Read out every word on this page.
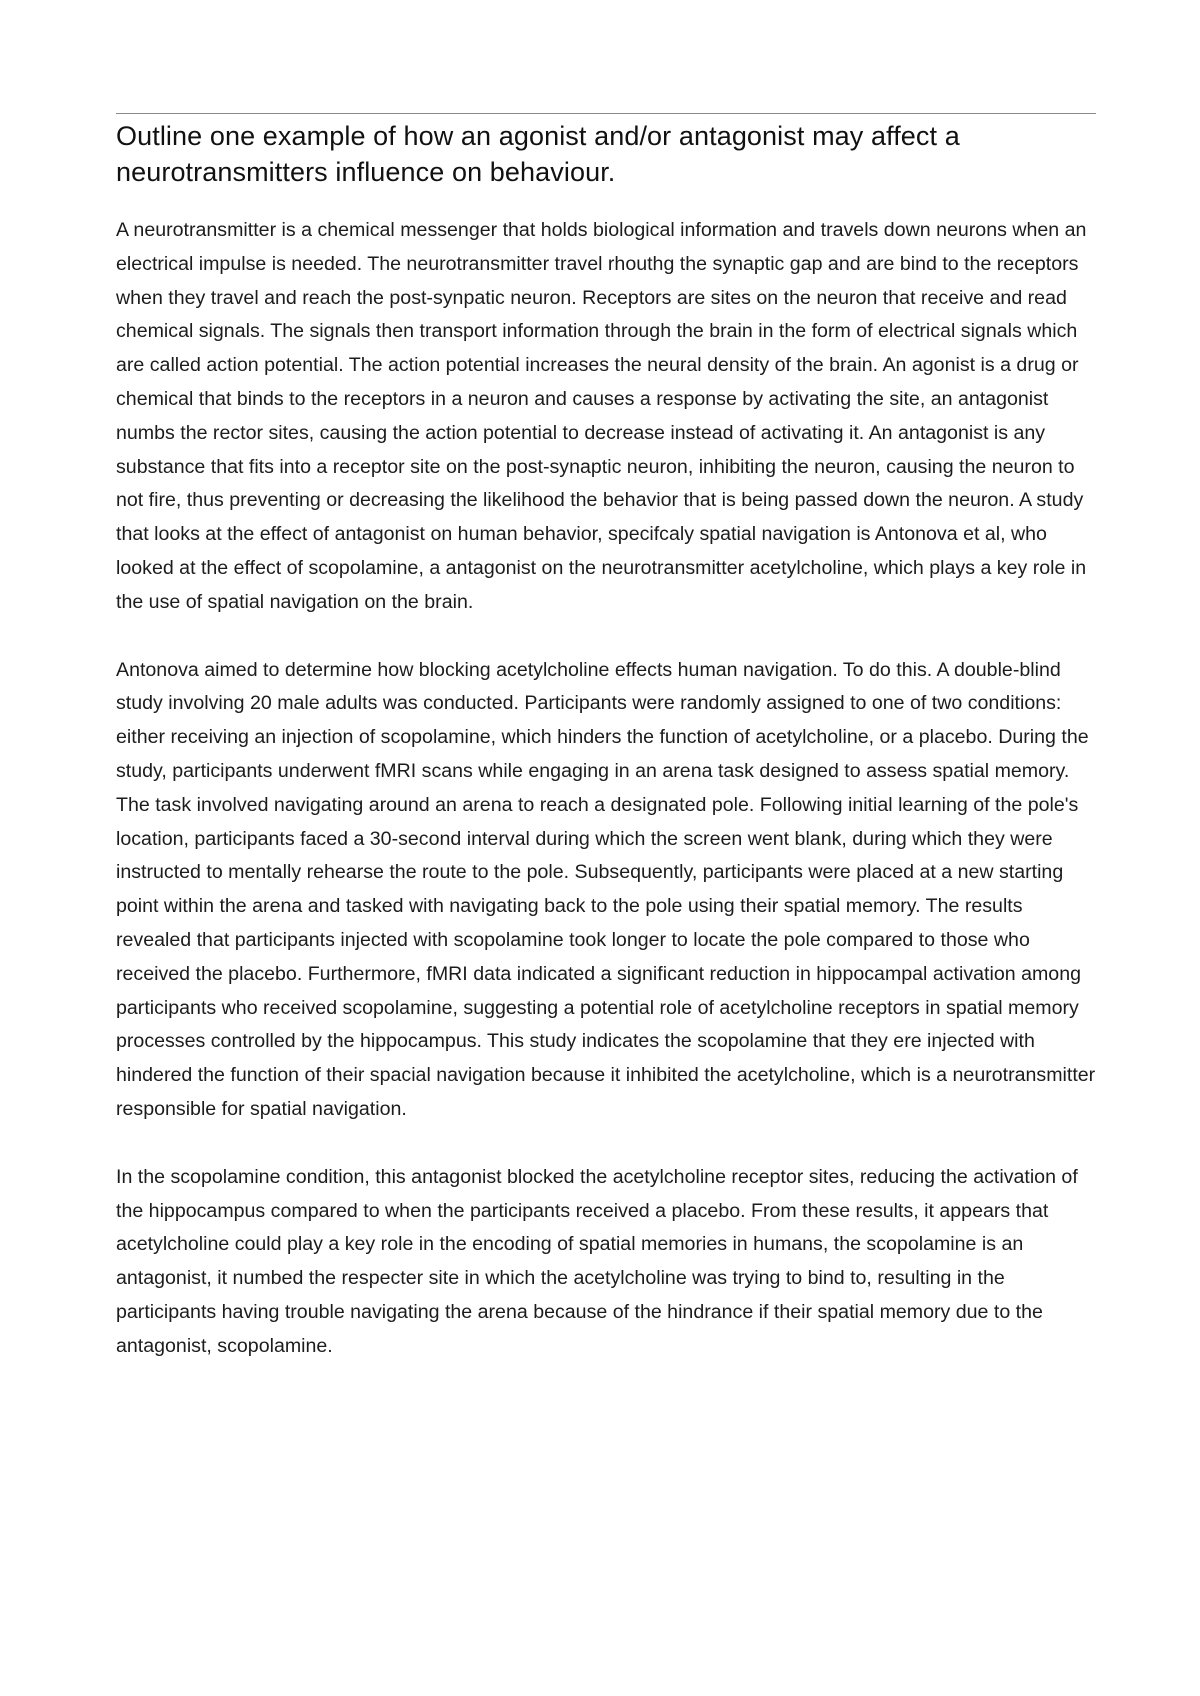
Outline one example of how an agonist and/or antagonist may affect a neurotransmitters influence on behaviour.

A neurotransmitter is a chemical messenger that holds biological information and travels down neurons when an electrical impulse is needed. The neurotransmitter travel rhouthg the synaptic gap and are bind to the receptors when they travel and reach the post-synpatic neuron. Receptors are sites on the neuron that receive and read chemical signals. The signals then transport information through the brain in the form of electrical signals which are called action potential. The action potential increases the neural density of the brain. An agonist is a drug or chemical that binds to the receptors in a neuron and causes a response by activating the site, an antagonist numbs the rector sites, causing the action potential to decrease instead of activating it. An antagonist is any substance that fits into a receptor site on the post-synaptic neuron, inhibiting the neuron, causing the neuron to not fire, thus preventing or decreasing the likelihood the behavior that is being passed down the neuron. A study that looks at the effect of antagonist on human behavior, specifcaly spatial navigation is Antonova et al, who looked at the effect of scopolamine, a antagonist on the neurotransmitter acetylcholine, which plays a key role in the use of spatial navigation on the brain.

Antonova aimed to determine how blocking acetylcholine effects human navigation. To do this. A double-blind study involving 20 male adults was conducted. Participants were randomly assigned to one of two conditions: either receiving an injection of scopolamine, which hinders the function of acetylcholine, or a placebo. During the study, participants underwent fMRI scans while engaging in an arena task designed to assess spatial memory. The task involved navigating around an arena to reach a designated pole. Following initial learning of the pole's location, participants faced a 30-second interval during which the screen went blank, during which they were instructed to mentally rehearse the route to the pole. Subsequently, participants were placed at a new starting point within the arena and tasked with navigating back to the pole using their spatial memory. The results revealed that participants injected with scopolamine took longer to locate the pole compared to those who received the placebo. Furthermore, fMRI data indicated a significant reduction in hippocampal activation among participants who received scopolamine, suggesting a potential role of acetylcholine receptors in spatial memory processes controlled by the hippocampus. This study indicates the scopolamine that they ere injected with hindered the function of their spacial navigation because it inhibited the acetylcholine, which is a neurotransmitter responsible for spatial navigation.

In the scopolamine condition, this antagonist blocked the acetylcholine receptor sites, reducing the activation of the hippocampus compared to when the participants received a placebo. From these results, it appears that acetylcholine could play a key role in the encoding of spatial memories in humans, the scopolamine is an antagonist, it numbed the respecter site in which the acetylcholine was trying to bind to, resulting in the participants having trouble navigating the arena because of the hindrance if their spatial memory due to the antagonist, scopolamine.
